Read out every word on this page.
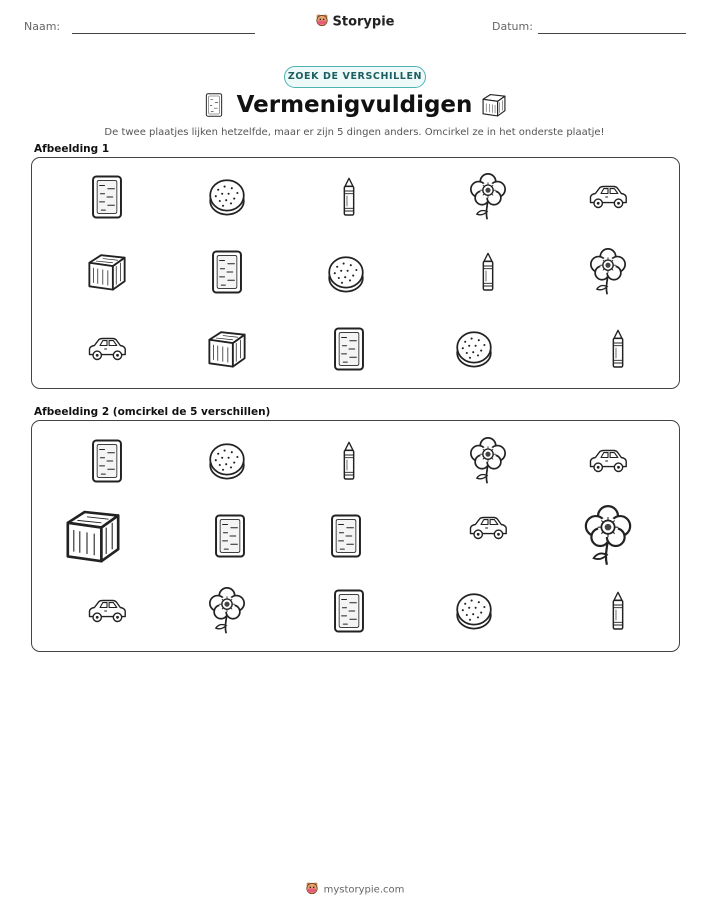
Naam:	Storypie	Datum:
ZOEK DE VERSCHILLEN
Vermenigvuldigen
De twee plaatjes lijken hetzelfde, maar er zijn 5 dingen anders. Omcirkel ze in het onderste plaatje!
Afbeelding 1
Afbeelding 2 (omcirkel de 5 verschillen)
mystorypie.com
